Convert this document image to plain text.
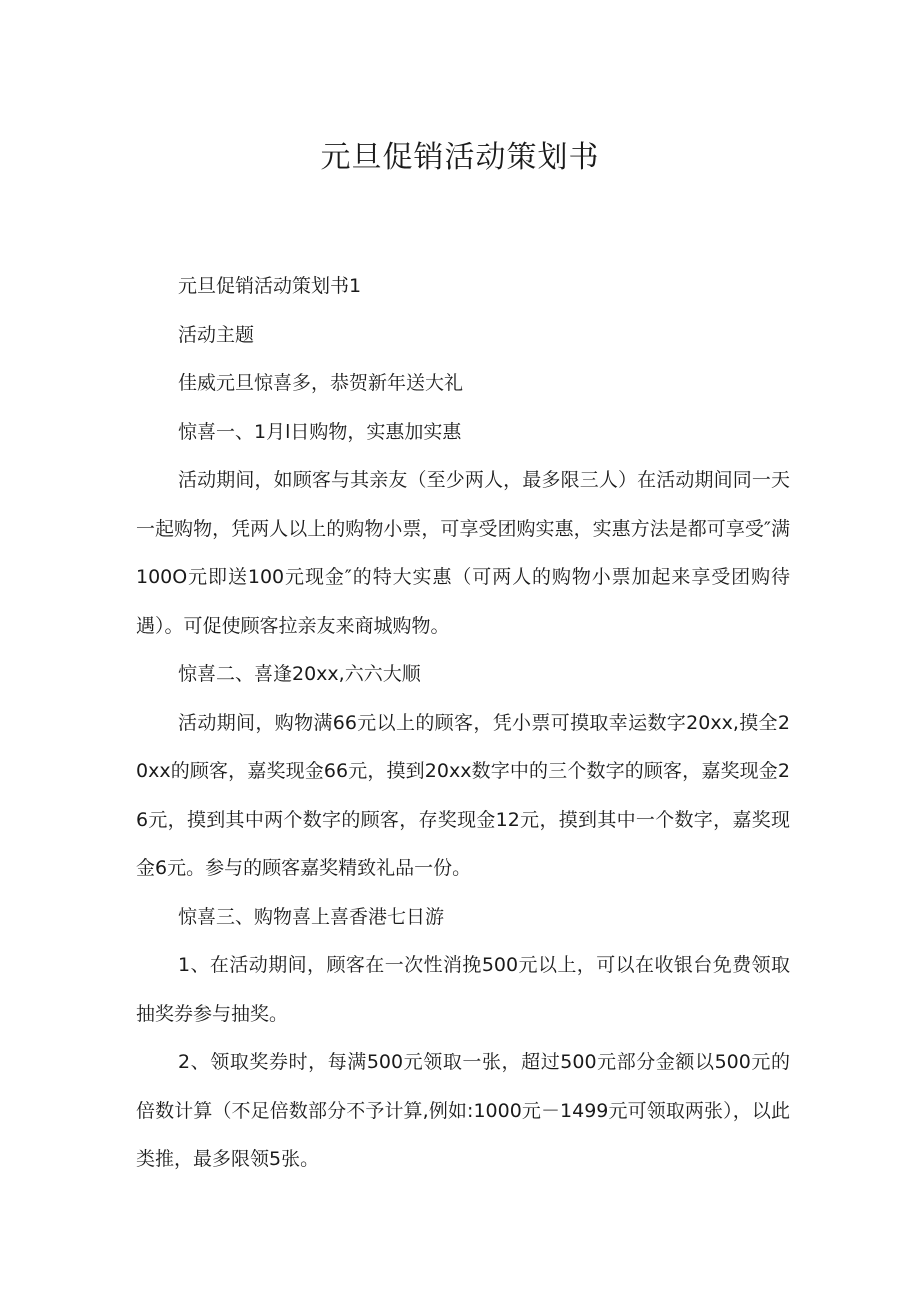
元旦促销活动策划书

元旦促销活动策划书1

活动主题

佳威元旦惊喜多，恭贺新年送大礼

惊喜一、1月l日购物，实惠加实惠

活动期间，如顾客与其亲友（至少两人，最多限三人）在活动期间同一天一起购物，凭两人以上的购物小票，可享受团购实惠，实惠方法是都可享受″满100O元即送100元现金″的特大实惠（可两人的购物小票加起来享受团购待遇）。可促使顾客拉亲友来商城购物。

惊喜二、喜逢20xx,六六大顺

活动期间，购物满66元以上的顾客，凭小票可摸取幸运数字20xx,摸全20xx的顾客，嘉奖现金66元，摸到20xx数字中的三个数字的顾客，嘉奖现金26元，摸到其中两个数字的顾客，存奖现金12元，摸到其中一个数字，嘉奖现金6元。参与的顾客嘉奖精致礼品一份。

惊喜三、购物喜上喜香港七日游

1、在活动期间，顾客在一次性消挽500元以上，可以在收银台免费领取抽奖券参与抽奖。

2、领取奖券时，每满500元领取一张，超过500元部分金额以500元的倍数计算（不足倍数部分不予计算,例如:1000元－1499元可领取两张），以此类推，最多限领5张。
